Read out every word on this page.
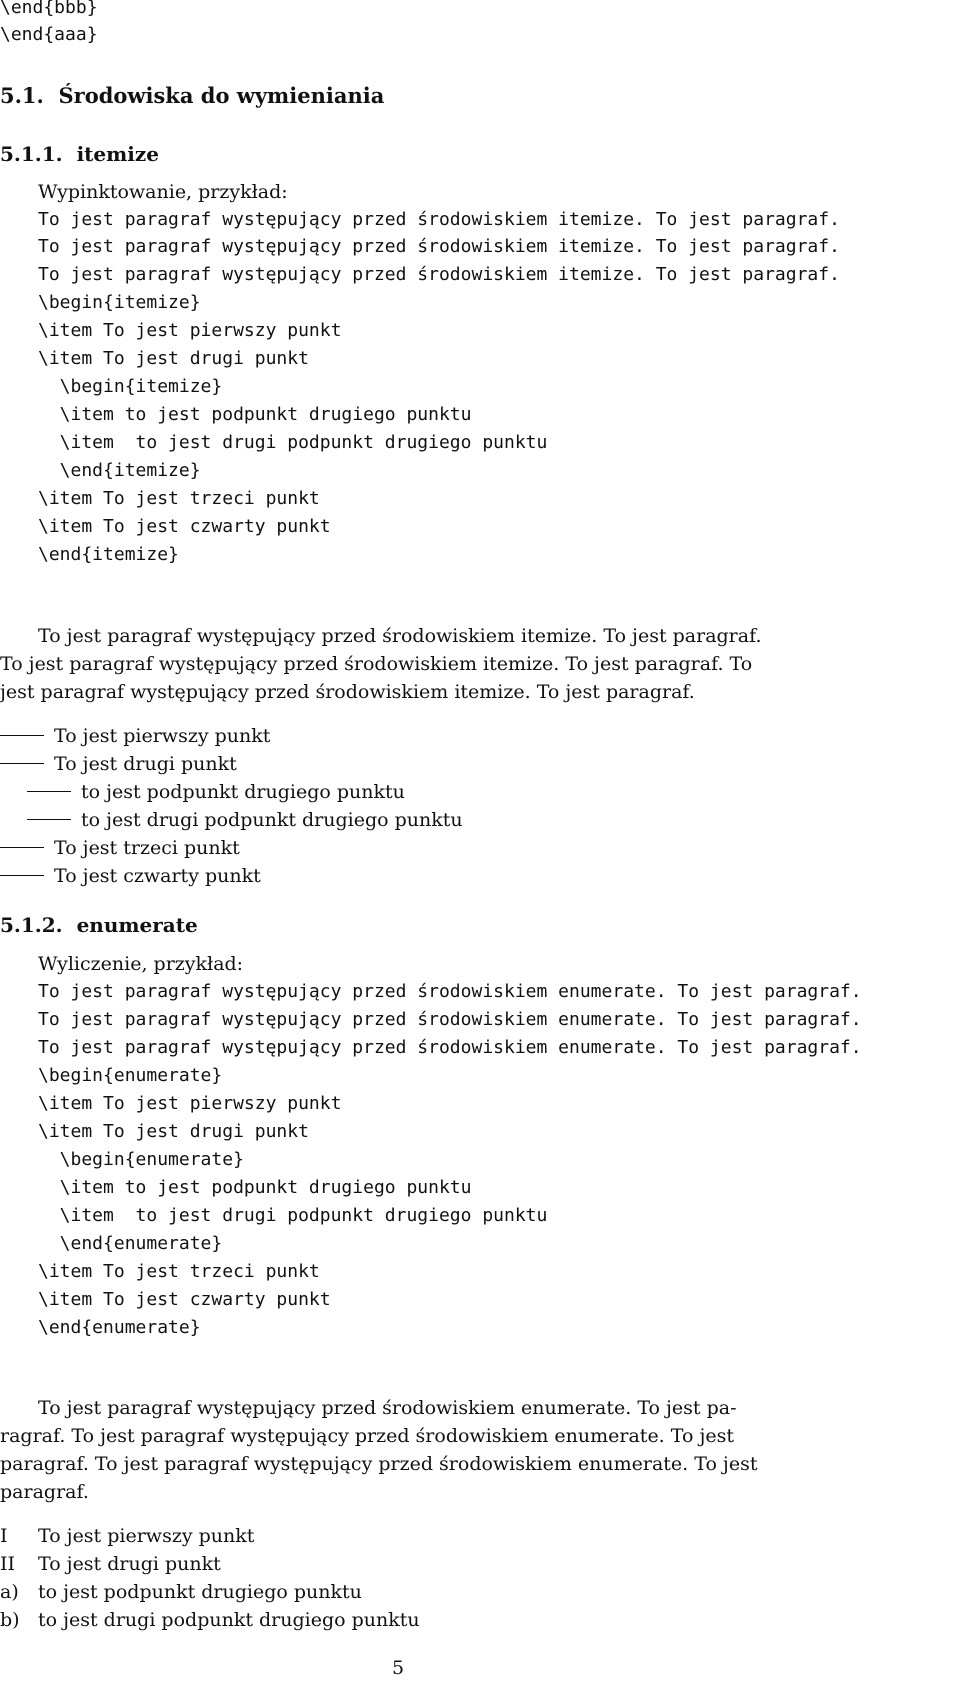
\end{bbb}
\end{aaa}
5.1. Środowiska do wymieniania
5.1.1. itemize
Wypinktowanie, przykład:
To jest paragraf występujący przed środowiskiem itemize. To jest paragraf.
To jest paragraf występujący przed środowiskiem itemize. To jest paragraf.
To jest paragraf występujący przed środowiskiem itemize. To jest paragraf.
\begin{itemize}
\item To jest pierwszy punkt
\item To jest drugi punkt
\begin{itemize}
\item to jest podpunkt drugiego punktu
\item  to jest drugi podpunkt drugiego punktu
\end{itemize}
\item To jest trzeci punkt
\item To jest czwarty punkt
\end{itemize}
To jest paragraf występujący przed środowiskiem itemize. To jest paragraf.
To jest paragraf występujący przed środowiskiem itemize. To jest paragraf. To
jest paragraf występujący przed środowiskiem itemize. To jest paragraf.
To jest pierwszy punkt
To jest drugi punkt
to jest podpunkt drugiego punktu
to jest drugi podpunkt drugiego punktu
To jest trzeci punkt
To jest czwarty punkt
5.1.2. enumerate
Wyliczenie, przykład:
To jest paragraf występujący przed środowiskiem enumerate. To jest paragraf.
To jest paragraf występujący przed środowiskiem enumerate. To jest paragraf.
To jest paragraf występujący przed środowiskiem enumerate. To jest paragraf.
\begin{enumerate}
\item To jest pierwszy punkt
\item To jest drugi punkt
\begin{enumerate}
\item to jest podpunkt drugiego punktu
\item  to jest drugi podpunkt drugiego punktu
\end{enumerate}
\item To jest trzeci punkt
\item To jest czwarty punkt
\end{enumerate}
To jest paragraf występujący przed środowiskiem enumerate. To jest pa-
ragraf. To jest paragraf występujący przed środowiskiem enumerate. To jest
paragraf. To jest paragraf występujący przed środowiskiem enumerate. To jest
paragraf.
I To jest pierwszy punkt
II To jest drugi punkt
a) to jest podpunkt drugiego punktu
b) to jest drugi podpunkt drugiego punktu
5
